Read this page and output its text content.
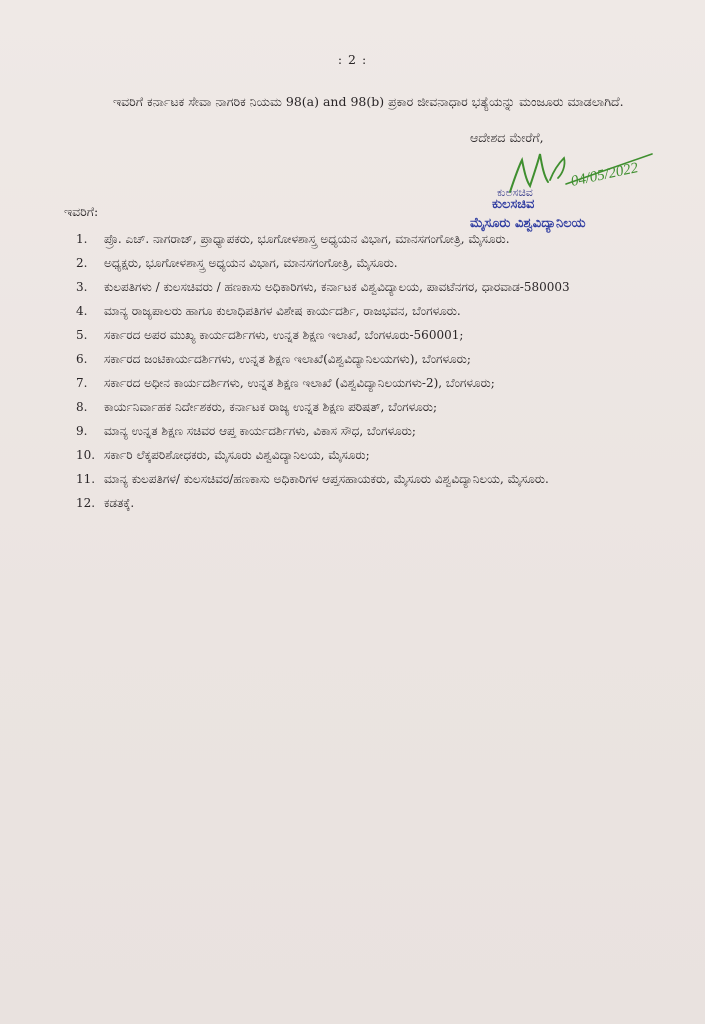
: 2 :
ಇವರಿಗೆ ಕರ್ನಾಟಕ ಸೇವಾ ನಾಗರಿಕ ನಿಯಮ 98(a) and 98(b) ಪ್ರಕಾರ ಜೀವನಾಧಾರ ಭತ್ಯೆಯನ್ನು ಮಂಜೂರು ಮಾಡಲಾಗಿದೆ.
ಆದೇಶದ ಮೇರೆಗೆ,
04/05/2022
ಕುಲಸಚಿವ
ಕುಲಸಚಿವ
ಮೈಸೂರು ವಿಶ್ವವಿದ್ಯಾನಿಲಯ
ಇವರಿಗೆ:
1.	ಪ್ರೊ. ಎಚ್. ನಾಗರಾಜ್, ಪ್ರಾಧ್ಯಾಪಕರು, ಭೂಗೋಳಶಾಸ್ತ್ರ ಅಧ್ಯಯನ ವಿಭಾಗ, ಮಾನಸಗಂಗೋತ್ರಿ, ಮೈಸೂರು.
2.	ಅಧ್ಯಕ್ಷರು, ಭೂಗೋಳಶಾಸ್ತ್ರ ಅಧ್ಯಯನ ವಿಭಾಗ, ಮಾನಸಗಂಗೋತ್ರಿ, ಮೈಸೂರು.
3.	ಕುಲಪತಿಗಳು / ಕುಲಸಚಿವರು / ಹಣಕಾಸು ಅಧಿಕಾರಿಗಳು, ಕರ್ನಾಟಕ ವಿಶ್ವವಿದ್ಯಾಲಯ, ಪಾವಟೆನಗರ, ಧಾರವಾಡ-580003
4.	ಮಾನ್ಯ ರಾಜ್ಯಪಾಲರು ಹಾಗೂ ಕುಲಾಧಿಪತಿಗಳ ವಿಶೇಷ ಕಾರ್ಯದರ್ಶಿ, ರಾಜಭವನ, ಬೆಂಗಳೂರು.
5.	ಸರ್ಕಾರದ ಅಪರ ಮುಖ್ಯ ಕಾರ್ಯದರ್ಶಿಗಳು, ಉನ್ನತ ಶಿಕ್ಷಣ ಇಲಾಖೆ, ಬೆಂಗಳೂರು-560001;
6.	ಸರ್ಕಾರದ ಜಂಟಿಕಾರ್ಯದರ್ಶಿಗಳು, ಉನ್ನತ ಶಿಕ್ಷಣ ಇಲಾಖೆ(ವಿಶ್ವವಿದ್ಯಾನಿಲಯಗಳು), ಬೆಂಗಳೂರು;
7.	ಸರ್ಕಾರದ ಅಧೀನ ಕಾರ್ಯದರ್ಶಿಗಳು, ಉನ್ನತ ಶಿಕ್ಷಣ ಇಲಾಖೆ (ವಿಶ್ವವಿದ್ಯಾನಿಲಯಗಳು-2), ಬೆಂಗಳೂರು;
8.	ಕಾರ್ಯನಿರ್ವಾಹಕ ನಿರ್ದೇಶಕರು, ಕರ್ನಾಟಕ ರಾಜ್ಯ ಉನ್ನತ ಶಿಕ್ಷಣ ಪರಿಷತ್, ಬೆಂಗಳೂರು;
9.	ಮಾನ್ಯ ಉನ್ನತ ಶಿಕ್ಷಣ ಸಚಿವರ ಆಪ್ತ ಕಾರ್ಯದರ್ಶಿಗಳು, ವಿಕಾಸ ಸೌಧ, ಬೆಂಗಳೂರು;
10. ಸರ್ಕಾರಿ ಲೆಕ್ಕಪರಿಶೋಧಕರು, ಮೈಸೂರು ವಿಶ್ವವಿದ್ಯಾನಿಲಯ, ಮೈಸೂರು;
11. ಮಾನ್ಯ ಕುಲಪತಿಗಳ/ ಕುಲಸಚಿವರ/ಹಣಕಾಸು ಅಧಿಕಾರಿಗಳ ಆಪ್ತಸಹಾಯಕರು, ಮೈಸೂರು ವಿಶ್ವವಿದ್ಯಾನಿಲಯ, ಮೈಸೂರು.
12. ಕಡತಕ್ಕೆ.
